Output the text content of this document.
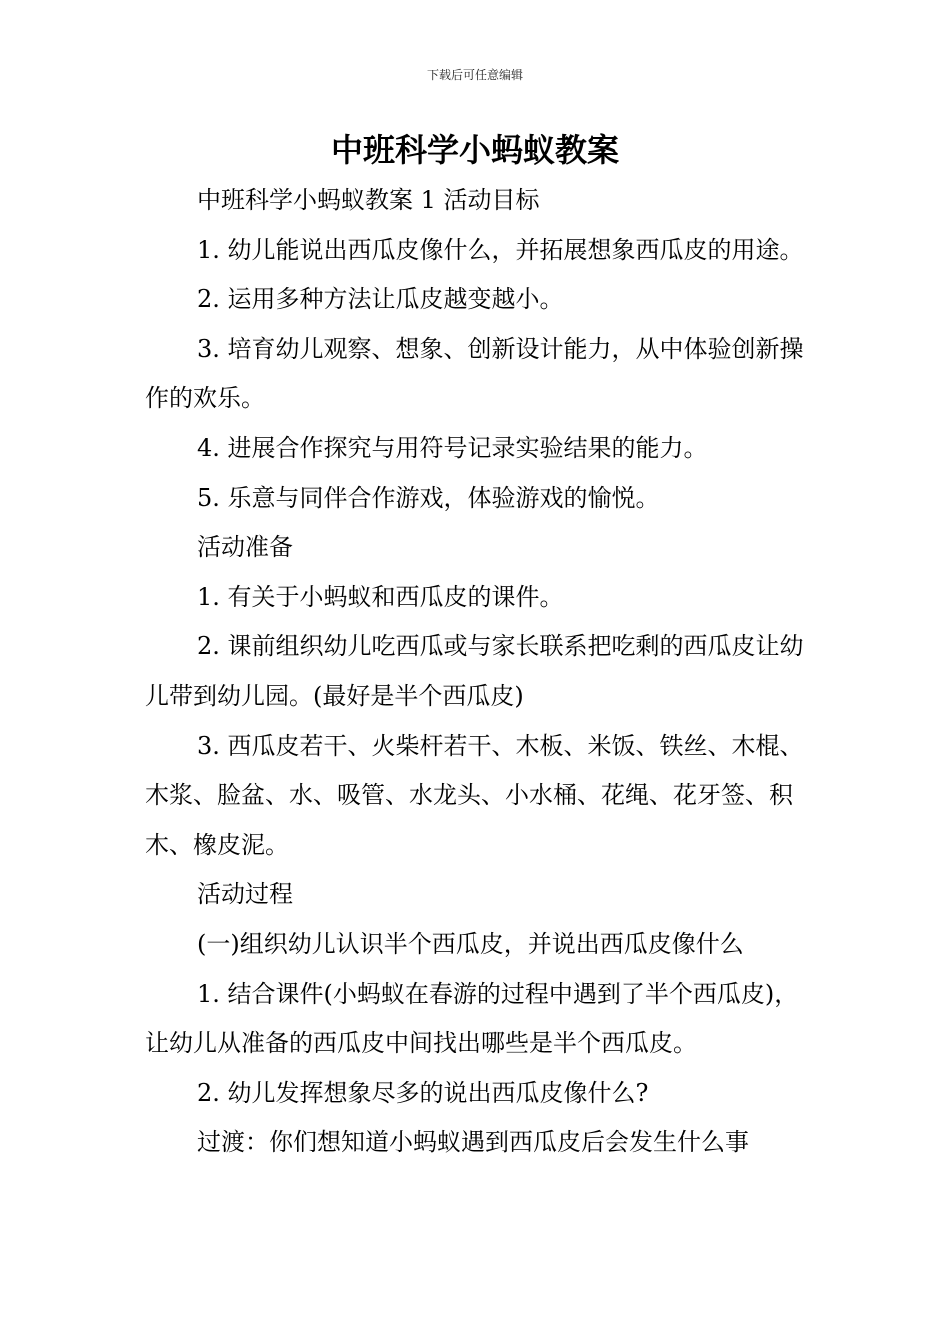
下载后可任意编辑
中班科学小蚂蚁教案

中班科学小蚂蚁教案 1 活动目标

1. 幼儿能说出西瓜皮像什么，并拓展想象西瓜皮的用途。

2. 运用多种方法让瓜皮越变越小。

3. 培育幼儿观察、想象、创新设计能力，从中体验创新操作的欢乐。

4. 进展合作探究与用符号记录实验结果的能力。

5. 乐意与同伴合作游戏，体验游戏的愉悦。

活动准备

1. 有关于小蚂蚁和西瓜皮的课件。

2. 课前组织幼儿吃西瓜或与家长联系把吃剩的西瓜皮让幼儿带到幼儿园。(最好是半个西瓜皮)

3. 西瓜皮若干、火柴杆若干、木板、米饭、铁丝、木棍、木浆、脸盆、水、吸管、水龙头、小水桶、花绳、花牙签、积木、橡皮泥。

活动过程

(一)组织幼儿认识半个西瓜皮，并说出西瓜皮像什么

1. 结合课件(小蚂蚁在春游的过程中遇到了半个西瓜皮)，让幼儿从准备的西瓜皮中间找出哪些是半个西瓜皮。

2. 幼儿发挥想象尽多的说出西瓜皮像什么?

过渡：你们想知道小蚂蚁遇到西瓜皮后会发生什么事
